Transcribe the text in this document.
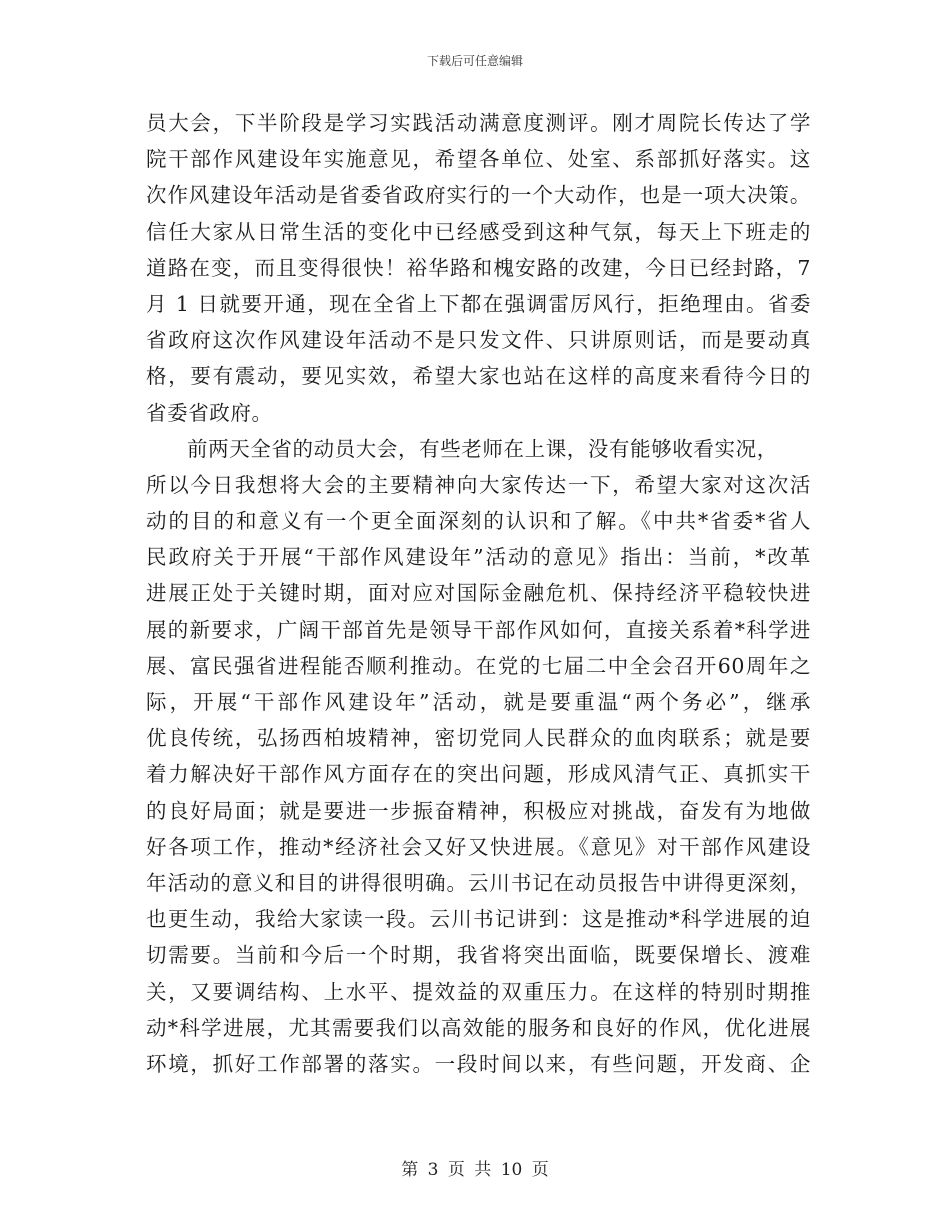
下载后可任意编辑
员大会，下半阶段是学习实践活动满意度测评。刚才周院长传达了学
院干部作风建设年实施意见，希望各单位、处室、系部抓好落实。这
次作风建设年活动是省委省政府实行的一个大动作，也是一项大决策。
信任大家从日常生活的变化中已经感受到这种气氛，每天上下班走的
道路在变，而且变得很快！裕华路和槐安路的改建，今日已经封路，7
月 1 日就要开通，现在全省上下都在强调雷厉风行，拒绝理由。省委
省政府这次作风建设年活动不是只发文件、只讲原则话，而是要动真
格，要有震动，要见实效，希望大家也站在这样的高度来看待今日的
省委省政府。
前两天全省的动员大会，有些老师在上课，没有能够收看实况，
所以今日我想将大会的主要精神向大家传达一下，希望大家对这次活
动的目的和意义有一个更全面深刻的认识和了解。《中共*省委*省人
民政府关于开展“干部作风建设年”活动的意见》指出：当前，*改革
进展正处于关键时期，面对应对国际金融危机、保持经济平稳较快进
展的新要求，广阔干部首先是领导干部作风如何，直接关系着*科学进
展、富民强省进程能否顺利推动。在党的七届二中全会召开60周年之
际，开展“干部作风建设年”活动，就是要重温“两个务必”，继承
优良传统，弘扬西柏坡精神，密切党同人民群众的血肉联系；就是要
着力解决好干部作风方面存在的突出问题，形成风清气正、真抓实干
的良好局面；就是要进一步振奋精神，积极应对挑战，奋发有为地做
好各项工作，推动*经济社会又好又快进展。《意见》对干部作风建设
年活动的意义和目的讲得很明确。云川书记在动员报告中讲得更深刻，
也更生动，我给大家读一段。云川书记讲到：这是推动*科学进展的迫
切需要。当前和今后一个时期，我省将突出面临，既要保增长、渡难
关，又要调结构、上水平、提效益的双重压力。在这样的特别时期推
动*科学进展，尤其需要我们以高效能的服务和良好的作风，优化进展
环境，抓好工作部署的落实。一段时间以来，有些问题，开发商、企
第 3 页 共 10 页
